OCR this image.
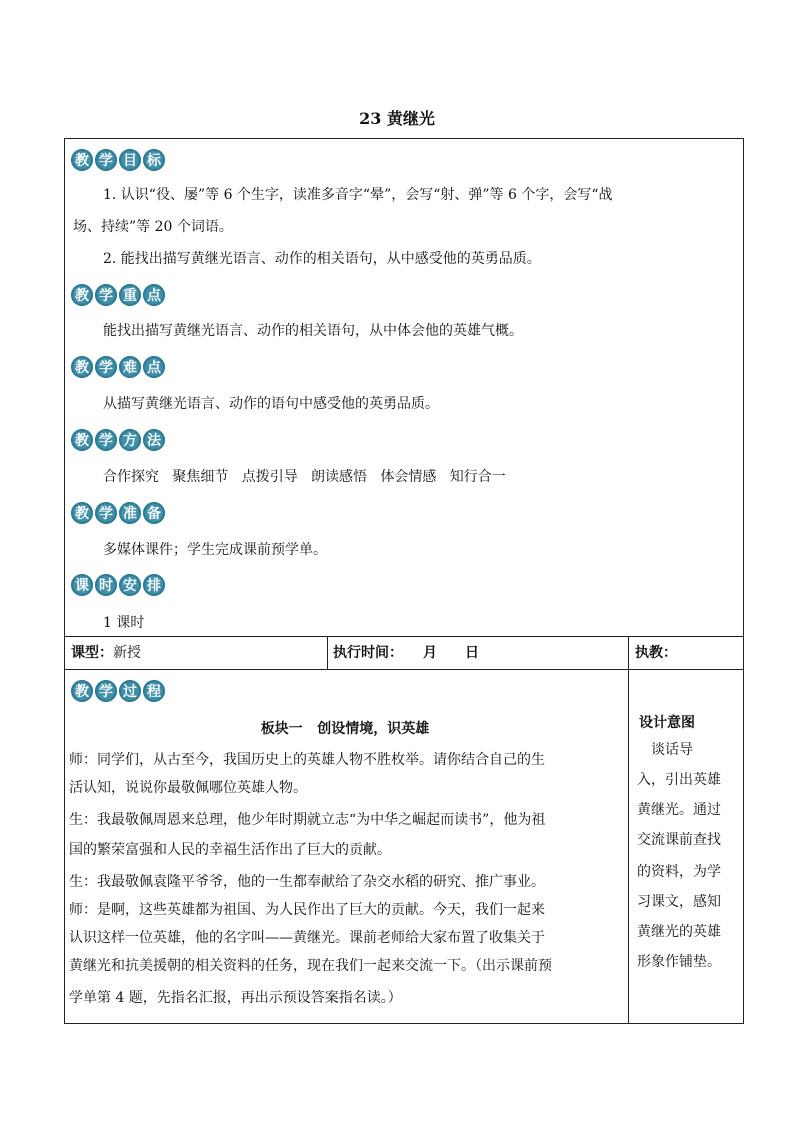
23 黄继光
教 学 目 标
1. 认识“役、屡”等 6 个生字，读准多音字“晕”，会写“射、弹”等 6 个字，会写“战
场、持续”等 20 个词语。
2. 能找出描写黄继光语言、动作的相关语句，从中感受他的英勇品质。
教 学 重 点
能找出描写黄继光语言、动作的相关语句，从中体会他的英雄气概。
教 学 难 点
从描写黄继光语言、动作的语句中感受他的英勇品质。
教 学 方 法
合作探究   聚焦细节   点拨引导   朗读感悟   体会情感   知行合一
教 学 准 备
多媒体课件；学生完成课前预学单。
课 时 安 排
1 课时
课型：新授	执行时间： 月 日	执教：
教 学 过 程
板块一   创设情境，识英雄
师：同学们，从古至今，我国历史上的英雄人物不胜枚举。请你结合自己的生
活认知，说说你最敬佩哪位英雄人物。
生：我最敬佩周恩来总理，他少年时期就立志“为中华之崛起而读书”，他为祖
国的繁荣富强和人民的幸福生活作出了巨大的贡献。
生：我最敬佩袁隆平爷爷，他的一生都奉献给了杂交水稻的研究、推广事业。
师：是啊，这些英雄都为祖国、为人民作出了巨大的贡献。今天，我们一起来
认识这样一位英雄，他的名字叫——黄继光。课前老师给大家布置了收集关于
黄继光和抗美援朝的相关资料的任务，现在我们一起来交流一下。（出示课前预
学单第 4 题，先指名汇报，再出示预设答案指名读。）
设计意图
　谈话导
入，引出英雄
黄继光。通过
交流课前查找
的资料，为学
习课文，感知
黄继光的英雄
形象作铺垫。
